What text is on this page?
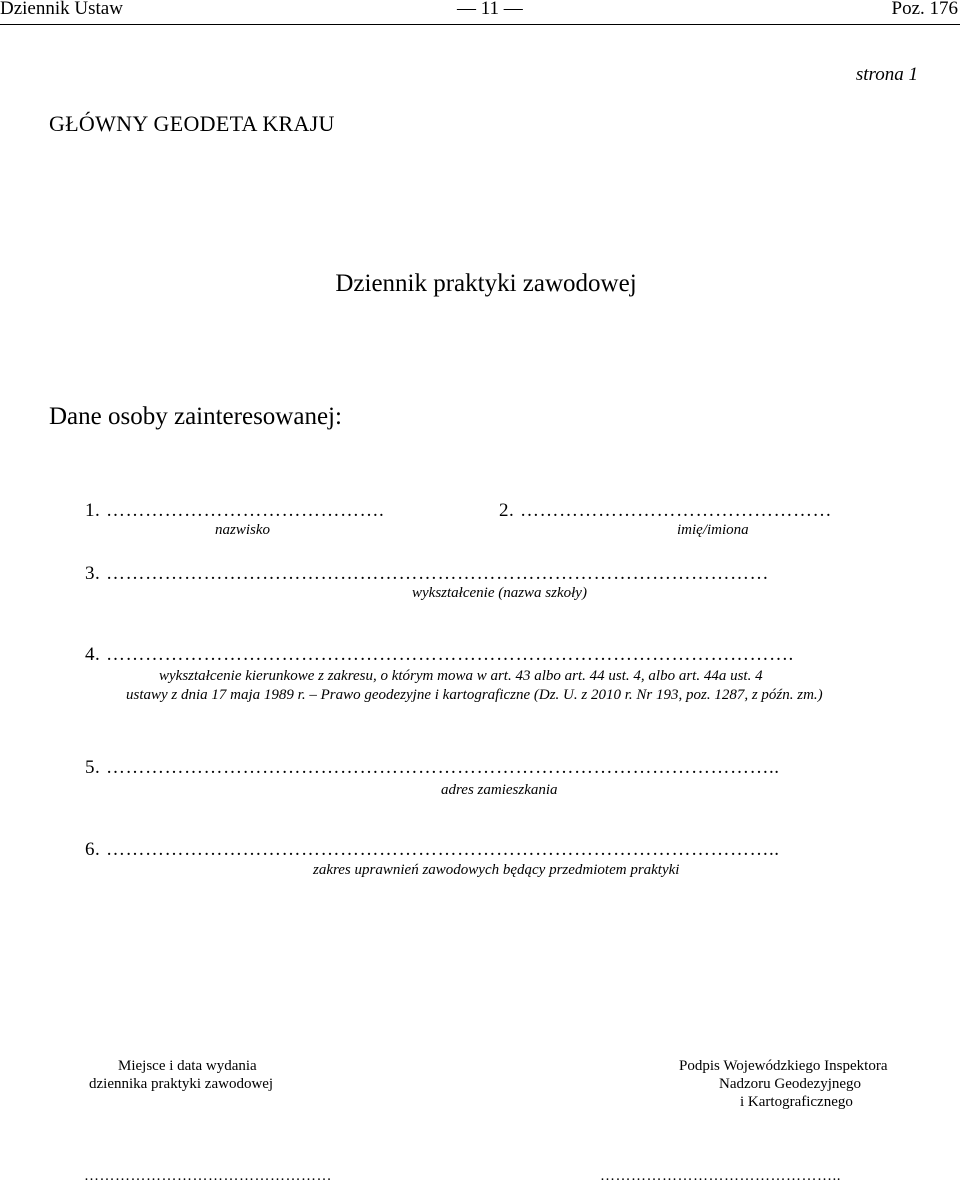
Dziennik Ustaw	— 11 —	Poz. 176
strona 1
GŁÓWNY GEODETA KRAJU
Dziennik praktyki zawodowej
Dane osoby zainteresowanej:
1. …………………………………….
nazwisko
2. …………………………………………
imię/imiona
3. …………………………………………………………………………………………
wykształcenie (nazwa szkoły)
4. …………………………………………………………………………………………….
wykształcenie kierunkowe z zakresu, o którym mowa w art. 43 albo art. 44 ust. 4, albo art. 44a ust. 4
ustawy z dnia 17 maja 1989 r. – Prawo geodezyjne i kartograficzne (Dz. U. z 2010 r. Nr 193, poz. 1287, z późn. zm.)
5. …………………………………………………………………………………………..
adres zamieszkania
6. …………………………………………………………………………………………..
zakres uprawnień zawodowych będący przedmiotem praktyki
Miejsce i data wydania
dziennika praktyki zawodowej
Podpis Wojewódzkiego Inspektora
Nadzoru Geodezyjnego
i Kartograficznego
…………………………………………	………………………………………..
